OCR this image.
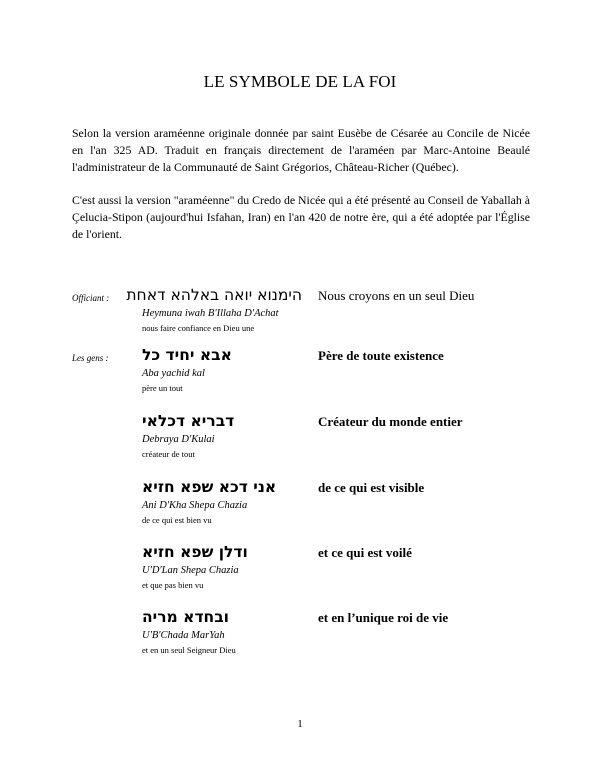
LE SYMBOLE DE LA FOI

Selon la version araméenne originale donnée par saint Eusèbe de Césarée au Concile de Nicée en l'an 325 AD. Traduit en français directement de l'araméen par Marc-Antoine Beaulé l'administrateur de la Communauté de Saint Grégorios, Château-Richer (Québec).

C'est aussi la version "araméenne" du Credo de Nicée qui a été présenté au Conseil de Yaballah à Çelucia-Stipon (aujourd'hui Isfahan, Iran) en l'an 420 de notre ère, qui a été adoptée par l'Église de l'orient.

Officiant : הימנוא יואה באלהא דאחת
Heymuna iwah B'Illaha D'Achat
nous faire confiance en Dieu une
Nous croyons en un seul Dieu
Les gens : אבא יחיד כל
Aba yachid kal
père un tout
Père de toute existence
דבריא דכלאי
Debraya D'Kulai
créateur de tout
Créateur du monde entier
אני דכא שפא חזיא
Ani D'Kha Shepa Chazia
de ce qui est bien vu
de ce qui est visible
ודלן שפא חזיא
U'D'Lan Shepa Chazia
et que pas bien vu
et ce qui est voilé
ובחדא מריה
U'B'Chada MarYah
et en un seul Seigneur Dieu
et en l’unique roi de vie
1
